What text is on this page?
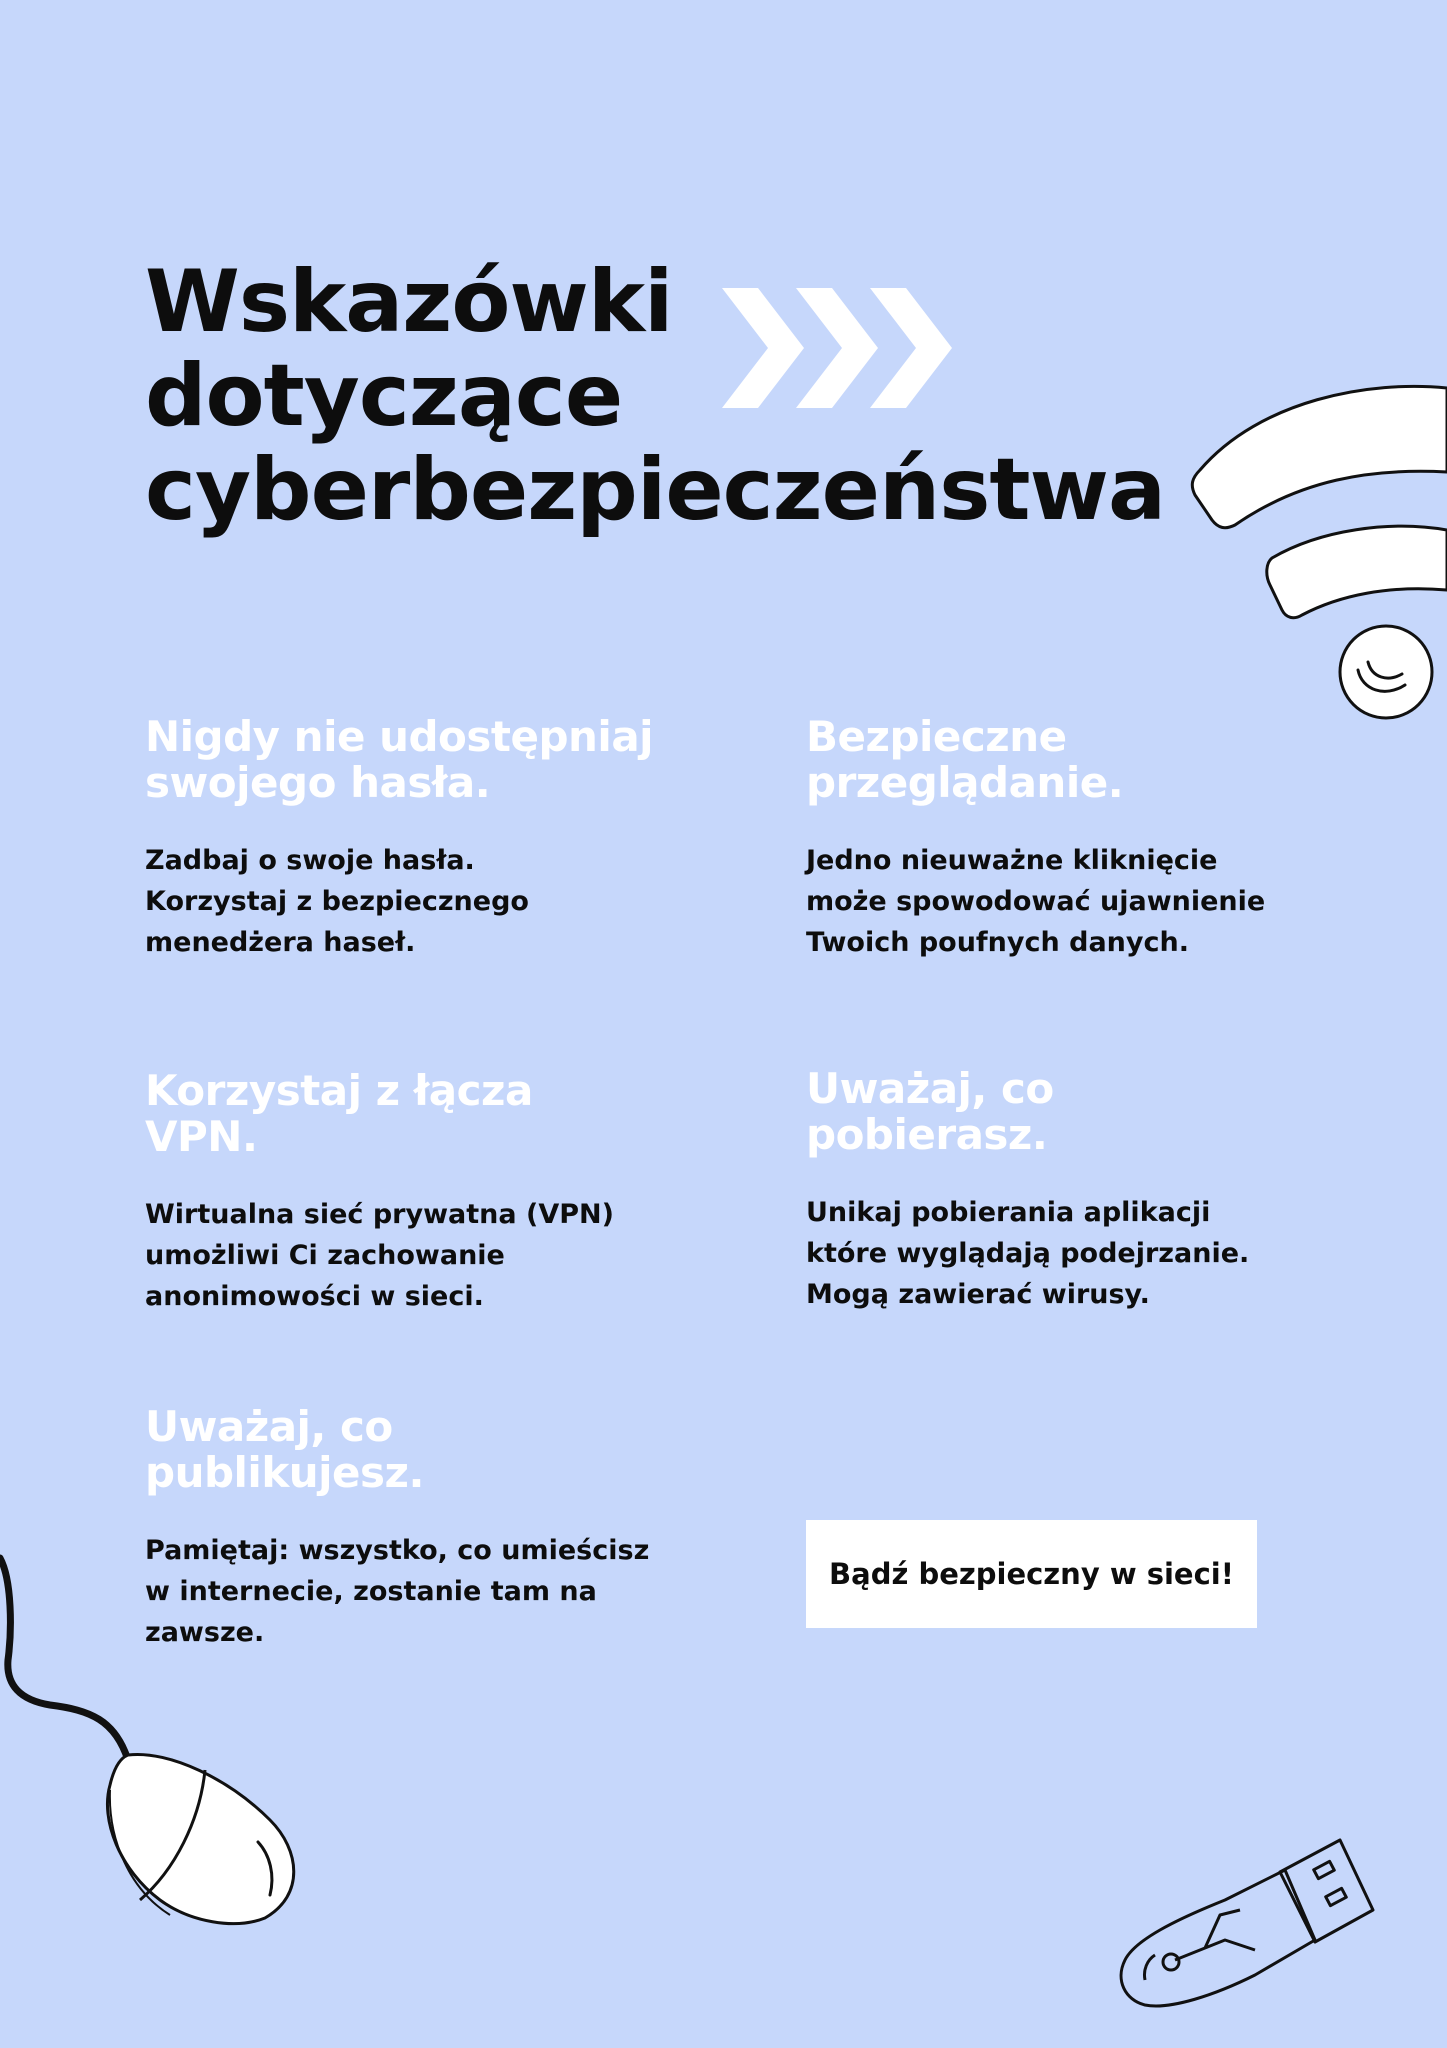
Wskazówki
dotyczące
cyberbezpieczeństwa
Nigdy nie udostępniaj
swojego hasła.

Zadbaj o swoje hasła.
Korzystaj z bezpiecznego
menedżera haseł.

Bezpieczne
przeglądanie.

Jedno nieuważne kliknięcie
może spowodować ujawnienie
Twoich poufnych danych.

Korzystaj z łącza
VPN.

Wirtualna sieć prywatna (VPN)
umożliwi Ci zachowanie
anonimowości w sieci.

Uważaj, co
pobierasz.

Unikaj pobierania aplikacji
które wyglądają podejrzanie.
Mogą zawierać wirusy.

Uważaj, co
publikujesz.

Pamiętaj: wszystko, co umieścisz
w internecie, zostanie tam na
zawsze.

Bądź bezpieczny w sieci!
